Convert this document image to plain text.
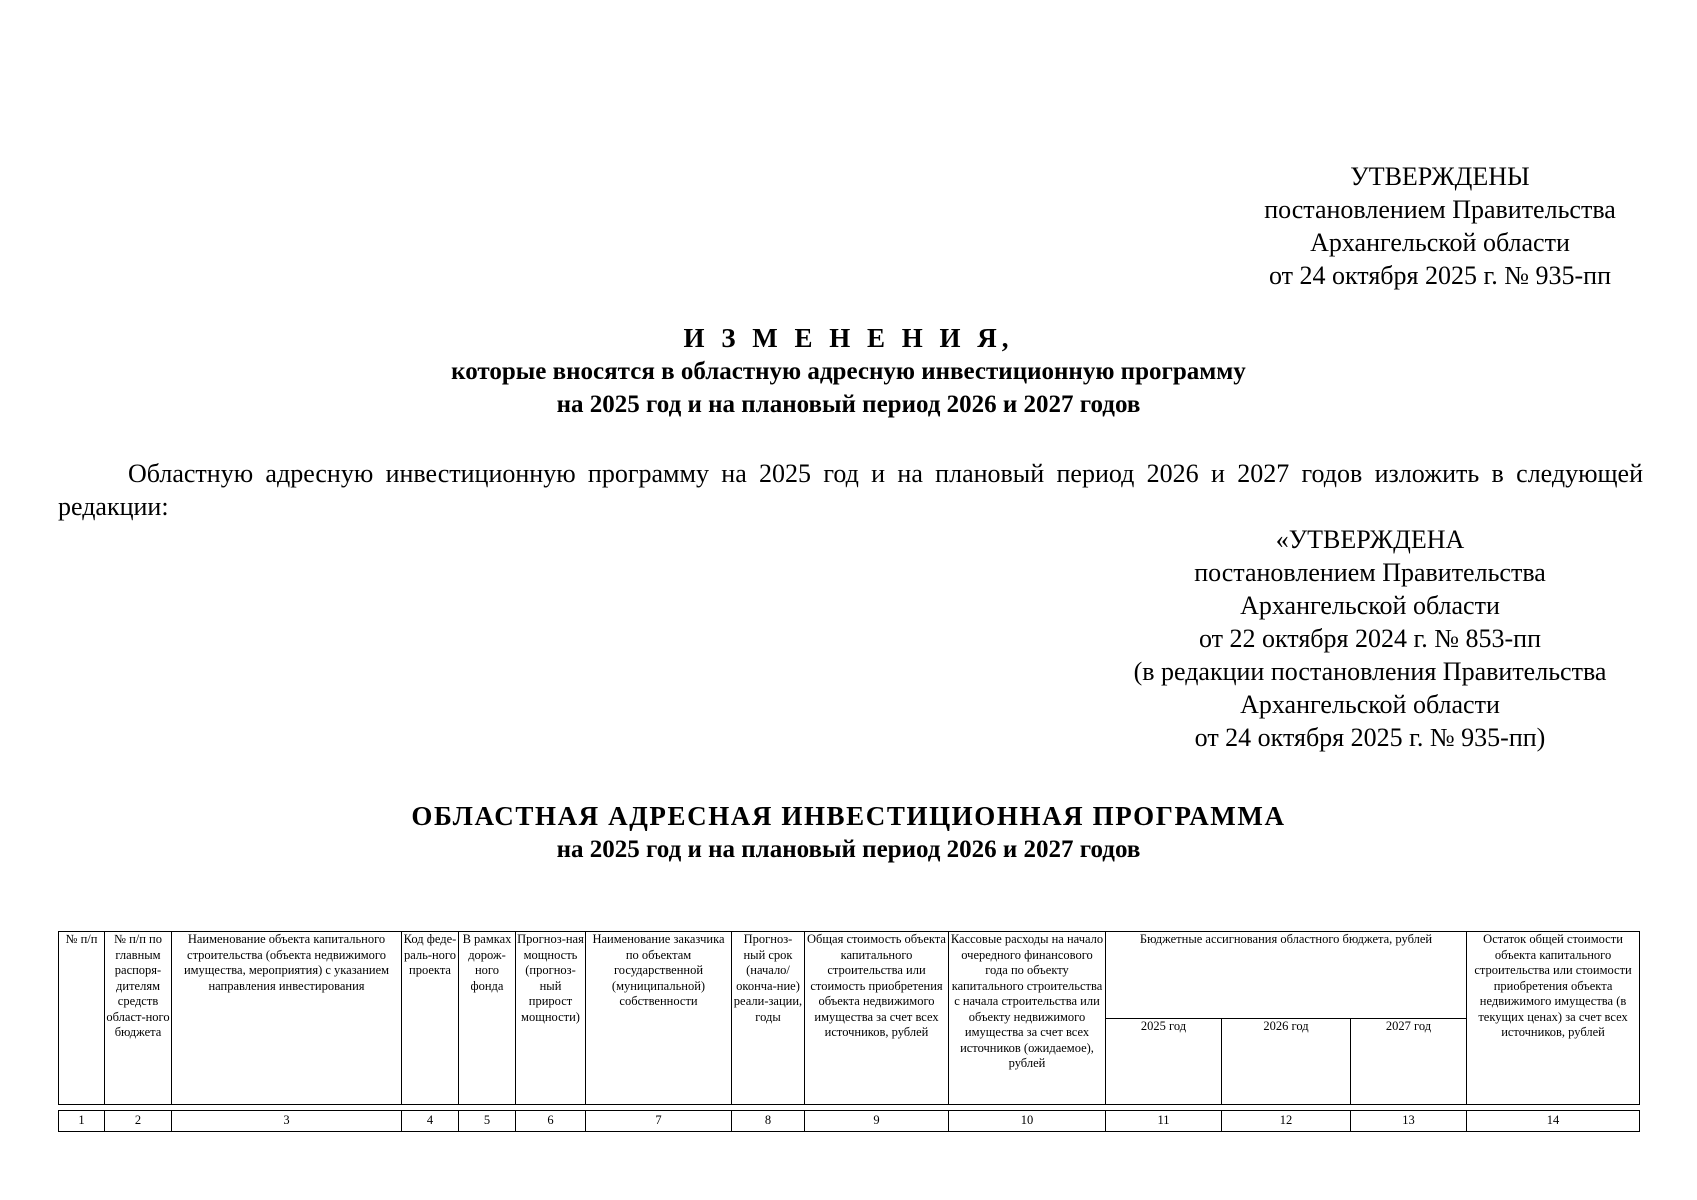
УТВЕРЖДЕНЫ
постановлением Правительства
Архангельской области
от 24 октября 2025 г. № 935-пп
И З М Е Н Е Н И Я,
которые вносятся в областную адресную инвестиционную программу
на 2025 год и на плановый период 2026 и 2027 годов
Областную адресную инвестиционную программу на 2025 год и на плановый период 2026 и 2027 годов изложить в следующей редакции:
«УТВЕРЖДЕНА
постановлением Правительства
Архангельской области
от 22 октября 2024 г. № 853-пп
(в редакции постановления Правительства
Архангельской области
от 24 октября 2025 г. № 935-пп)
ОБЛАСТНАЯ АДРЕСНАЯ ИНВЕСТИЦИОННАЯ ПРОГРАММА
на 2025 год и на плановый период 2026 и 2027 годов
№ п/п	№ п/п по главным распоря-дителям средств област-ного бюджета	Наименование объекта капитального строительства (объекта недвижимого имущества, мероприятия) с указанием направления инвестирования	Код феде-раль-ного проекта	В рамках дорож-ного фонда	Прогноз-ная мощность (прогноз-ный прирост мощности)	Наименование заказчика по объектам государственной (муниципальной) собственности	Прогноз-ный срок (начало/ оконча-ние) реали-зации, годы	Общая стоимость объекта капитального строительства или стоимость приобретения объекта недвижимого имущества за счет всех источников, рублей	Кассовые расходы на начало очередного финансового года по объекту капитального строительства с начала строительства или объекту недвижимого имущества за счет всех источников (ожидаемое), рублей	Бюджетные ассигнования областного бюджета, рублей			Остаток общей стоимости объекта капитального строительства или стоимости приобретения объекта недвижимого имущества (в текущих ценах) за счет всех источников, рублей
										2025 год	2026 год	2027 год	

1	2	3	4	5	6	7	8	9	10	11	12	13	14
